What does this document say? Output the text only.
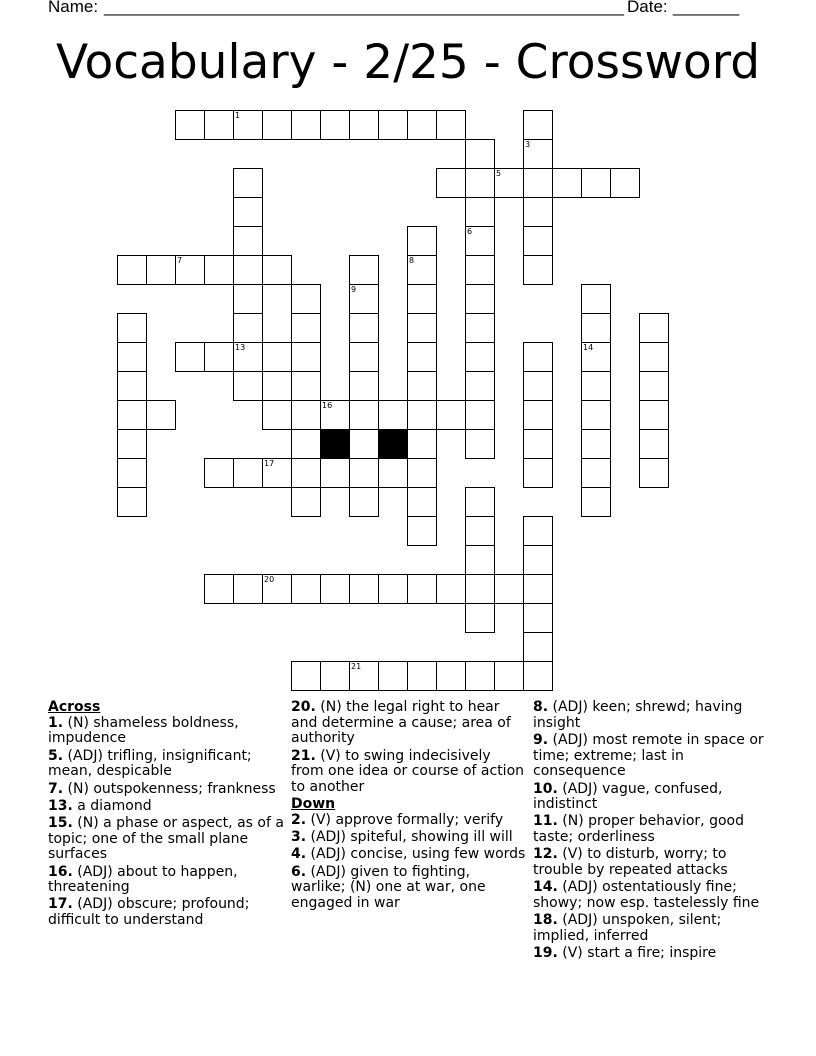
Name: _______________________________________________________ Date: _______
Vocabulary - 2/25 - Crossword
1
3
6
13
5
8
7
9
14
16
17
20
21
Across
1. (N) shameless boldness, impudence
5. (ADJ) trifling, insignificant; mean, despicable
7. (N) outspokenness; frankness
13. a diamond
15. (N) a phase or aspect, as of a topic; one of the small plane surfaces
16. (ADJ) about to happen, threatening
17. (ADJ) obscure; profound; difficult to understand
20. (N) the legal right to hear and determine a cause; area of authority
21. (V) to swing indecisively from one idea or course of action to another
Down
2. (V) approve formally; verify
3. (ADJ) spiteful, showing ill will
4. (ADJ) concise, using few words
6. (ADJ) given to fighting, warlike; (N) one at war, one engaged in war
8. (ADJ) keen; shrewd; having insight
9. (ADJ) most remote in space or time; extreme; last in consequence
10. (ADJ) vague, confused, indistinct
11. (N) proper behavior, good taste; orderliness
12. (V) to disturb, worry; to trouble by repeated attacks
14. (ADJ) ostentatiously fine; showy; now esp. tastelessly fine
18. (ADJ) unspoken, silent; implied, inferred
19. (V) start a fire; inspire
